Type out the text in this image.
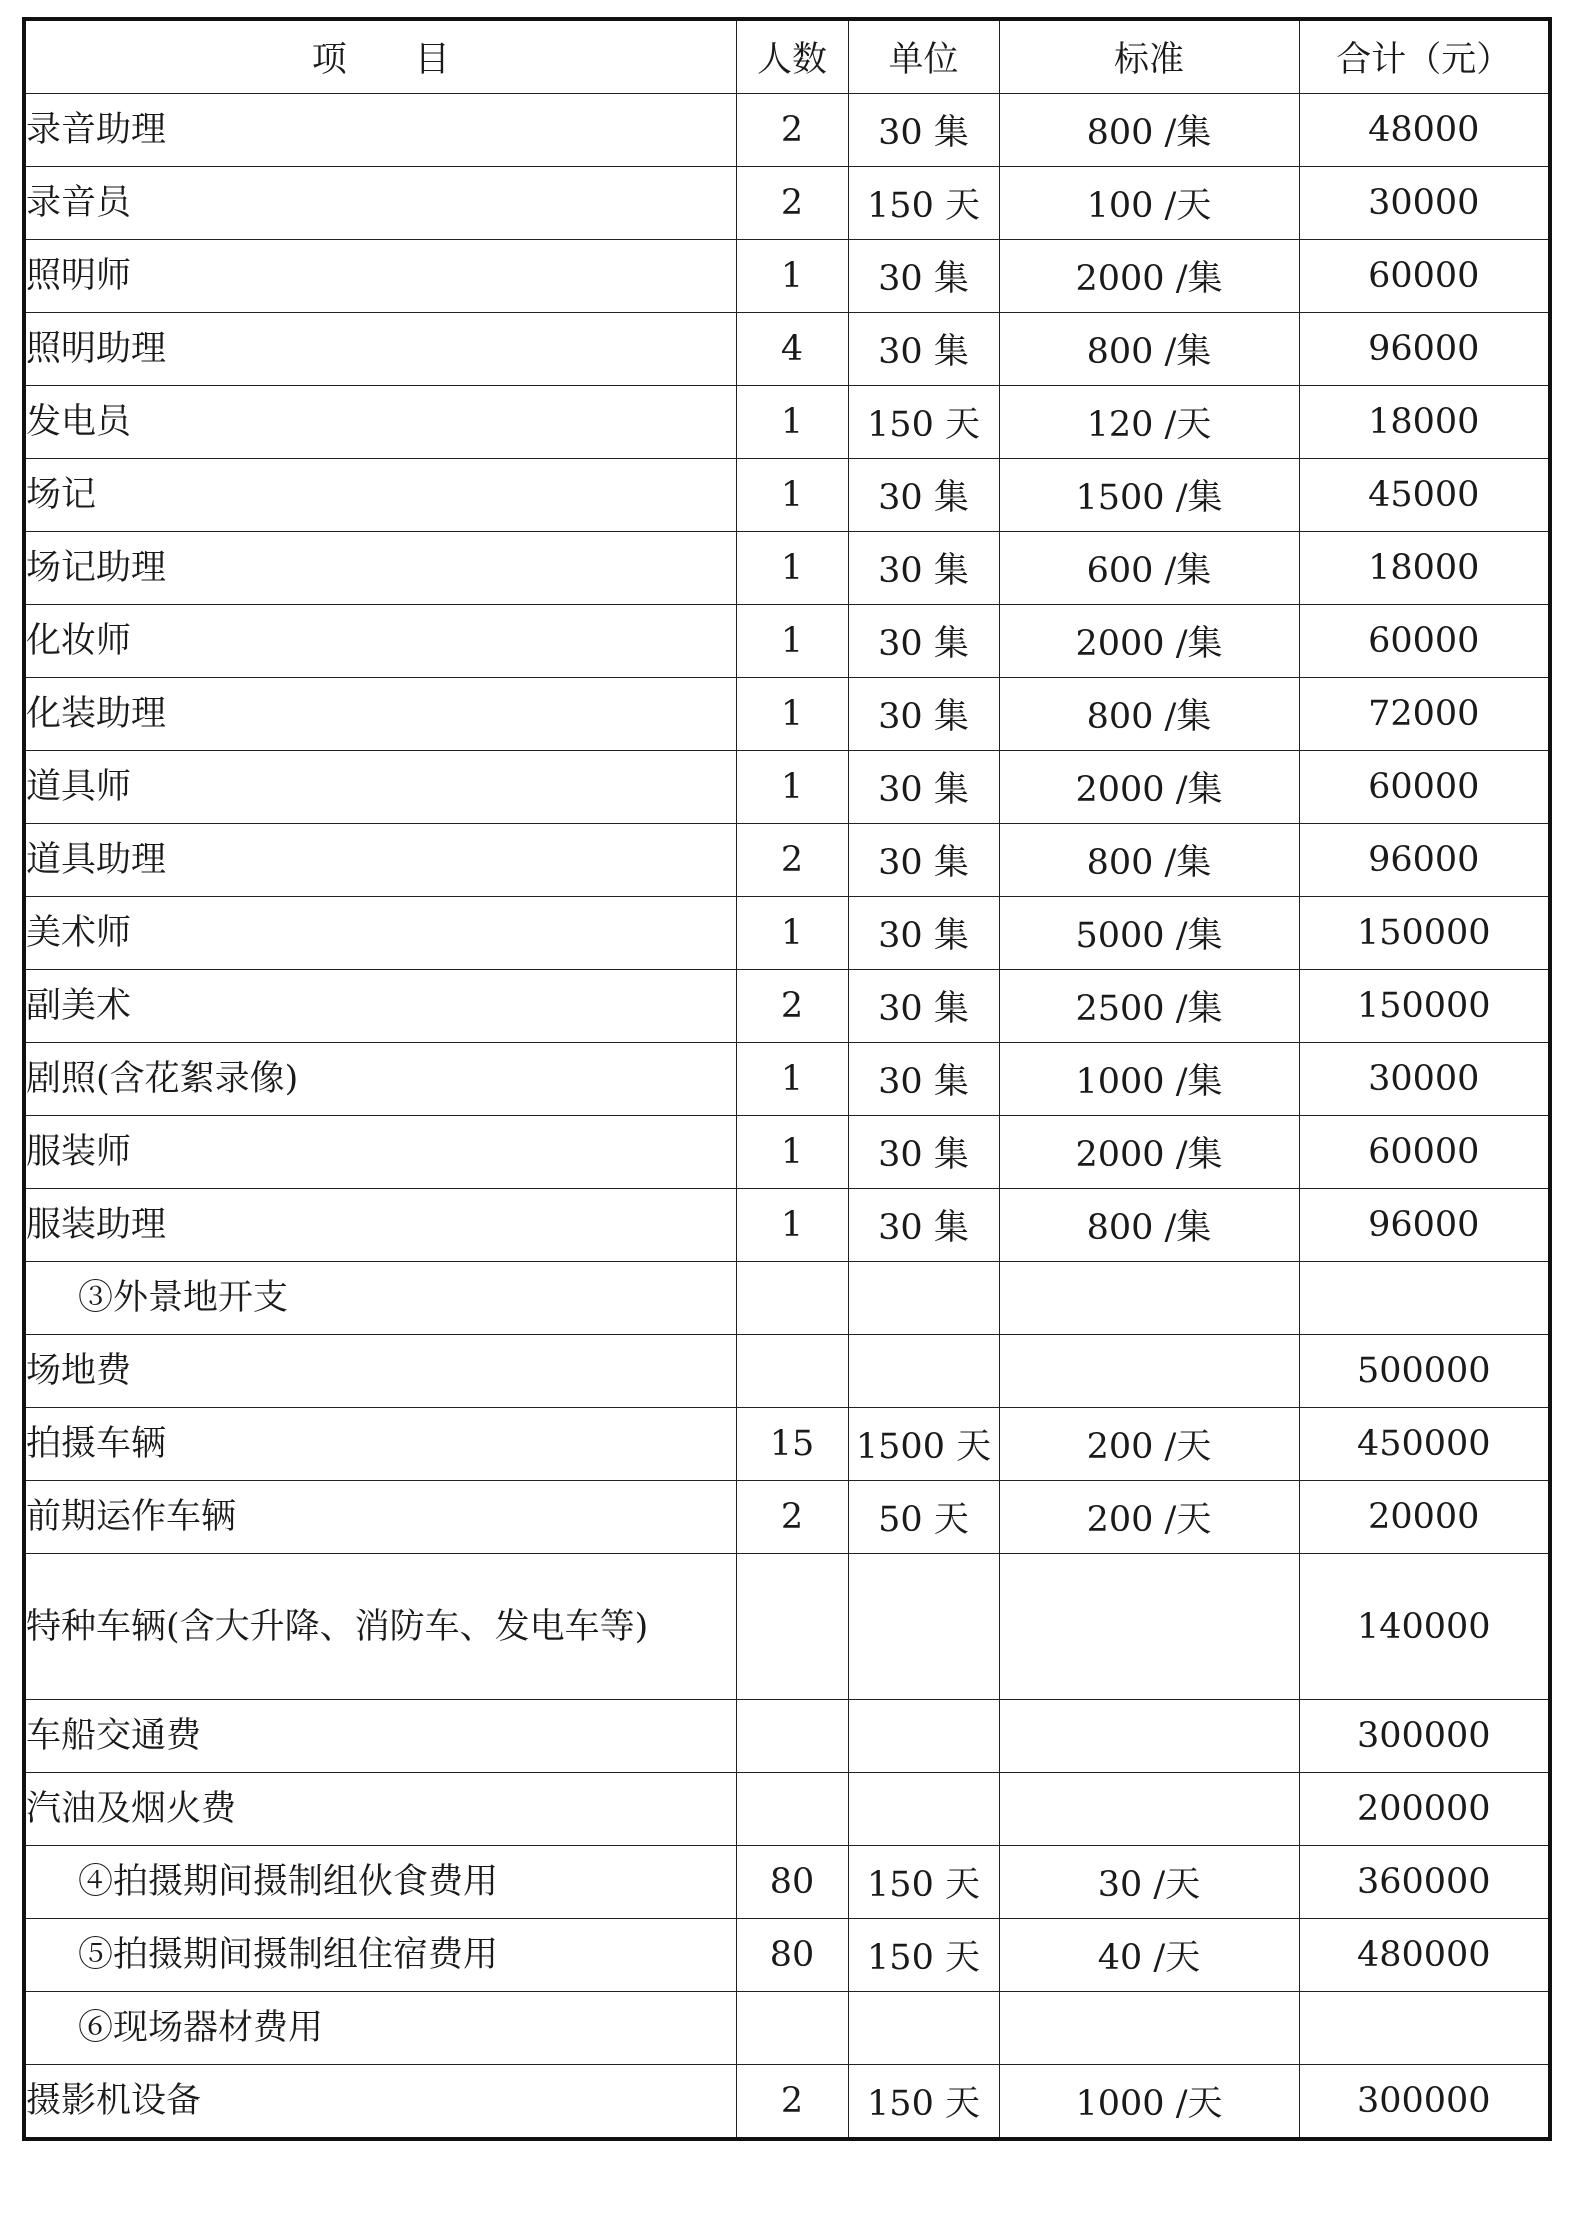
项目	人数	单位	标准	合计（元）
录音助理	2	30 集	800 /集	48000
录音员	2	150 天	100 /天	30000
照明师	1	30 集	2000 /集	60000
照明助理	4	30 集	800 /集	96000
发电员	1	150 天	120 /天	18000
场记	1	30 集	1500 /集	45000
场记助理	1	30 集	600 /集	18000
化妆师	1	30 集	2000 /集	60000
化装助理	1	30 集	800 /集	72000
道具师	1	30 集	2000 /集	60000
道具助理	2	30 集	800 /集	96000
美术师	1	30 集	5000 /集	150000
副美术	2	30 集	2500 /集	150000
剧照(含花絮录像)	1	30 集	1000 /集	30000
服装师	1	30 集	2000 /集	60000
服装助理	1	30 集	800 /集	96000
③外景地开支				
场地费				500000
拍摄车辆	15	1500 天	200 /天	450000
前期运作车辆	2	50 天	200 /天	20000
特种车辆(含大升降、消防车、发电车等)				140000
车船交通费				300000
汽油及烟火费				200000
④拍摄期间摄制组伙食费用	80	150 天	30 /天	360000
⑤拍摄期间摄制组住宿费用	80	150 天	40 /天	480000
⑥现场器材费用				
摄影机设备	2	150 天	1000 /天	300000
